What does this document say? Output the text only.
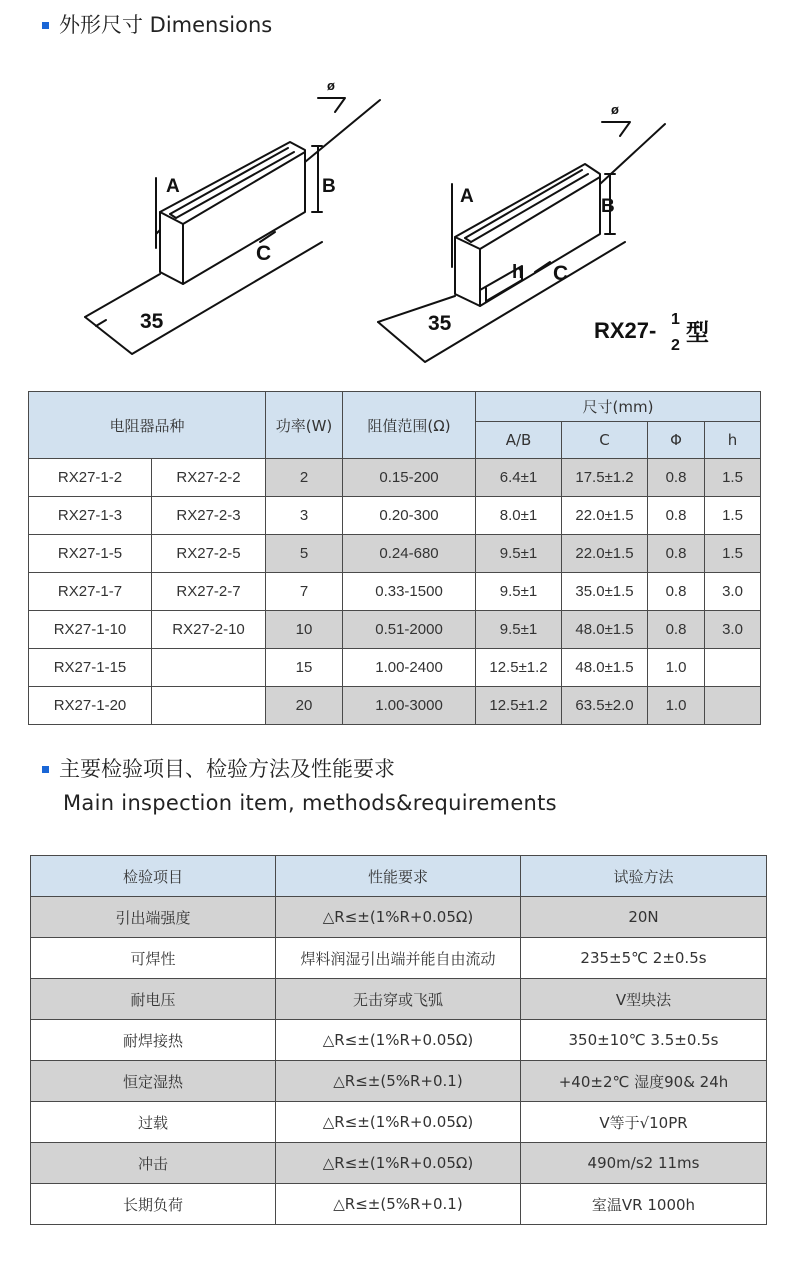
外形尺寸 Dimensions
A	B
C
35
ø
A	B
C
h
35
ø
RX27- 1
2 型
电阻器品种		功率(W)	阻值范围(Ω)	尺寸(mm)			
				A/B	C	Φ	h
RX27-1-2	RX27-2-2	2	0.15-200	6.4±1	17.5±1.2	0.8	1.5
RX27-1-3	RX27-2-3	3	0.20-300	8.0±1	22.0±1.5	0.8	1.5
RX27-1-5	RX27-2-5	5	0.24-680	9.5±1	22.0±1.5	0.8	1.5
RX27-1-7	RX27-2-7	7	0.33-1500	9.5±1	35.0±1.5	0.8	3.0
RX27-1-10	RX27-2-10	10	0.51-2000	9.5±1	48.0±1.5	0.8	3.0
RX27-1-15		15	1.00-2400	12.5±1.2	48.0±1.5	1.0	
RX27-1-20		20	1.00-3000	12.5±1.2	63.5±2.0	1.0	
主要检验项目、检验方法及性能要求
Main inspection item, methods&requirements
检验项目	性能要求	试验方法
引出端强度	△R≤±(1%R+0.05Ω)	20N
可焊性	焊料润湿引出端并能自由流动	235±5℃ 2±0.5s
耐电压	无击穿或飞弧	V型块法
耐焊接热	△R≤±(1%R+0.05Ω)	350±10℃ 3.5±0.5s
恒定湿热	△R≤±(5%R+0.1)	+40±2℃ 湿度90& 24h
过载	△R≤±(1%R+0.05Ω)	V等于√10PR
冲击	△R≤±(1%R+0.05Ω)	490m/s2 11ms
长期负荷	△R≤±(5%R+0.1)	室温VR 1000h
